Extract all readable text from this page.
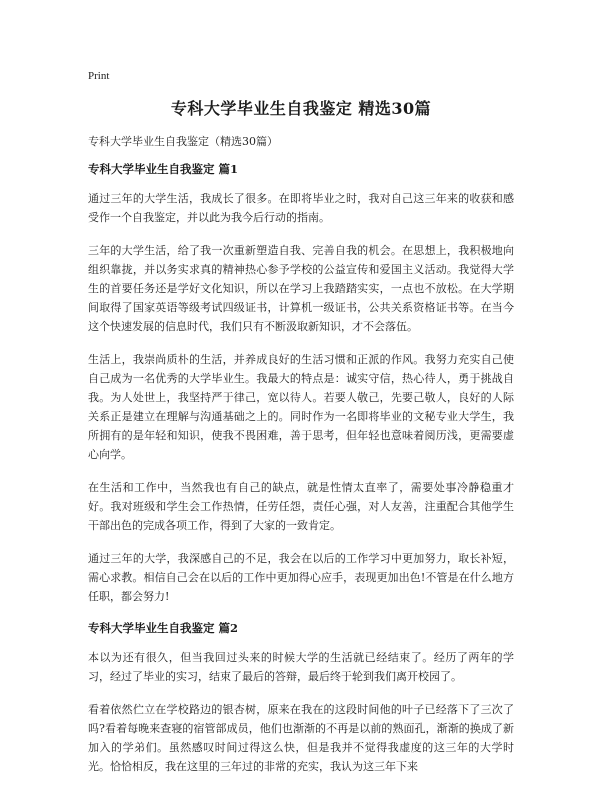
Print
专科大学毕业生自我鉴定 精选30篇
专科大学毕业生自我鉴定（精选30篇）
专科大学毕业生自我鉴定 篇1

通过三年的大学生活，我成长了很多。在即将毕业之时，我对自己这三年来的收获和感受作一个自我鉴定，并以此为我今后行动的指南。

三年的大学生活，给了我一次重新塑造自我、完善自我的机会。在思想上，我积极地向组织靠拢，并以务实求真的精神热心参予学校的公益宣传和爱国主义活动。我觉得大学生的首要任务还是学好文化知识，所以在学习上我踏踏实实，一点也不放松。在大学期间取得了国家英语等级考试四级证书，计算机一级证书，公共关系资格证书等。在当今这个快速发展的信息时代，我们只有不断汲取新知识，才不会落伍。

生活上，我崇尚质朴的生活，并养成良好的生活习惯和正派的作风。我努力充实自己使自己成为一名优秀的大学毕业生。我最大的特点是：诚实守信，热心待人，勇于挑战自我。为人处世上，我坚持严于律己，宽以待人。若要人敬己，先要己敬人，良好的人际关系正是建立在理解与沟通基础之上的。同时作为一名即将毕业的文秘专业大学生，我所拥有的是年轻和知识，使我不畏困难，善于思考，但年轻也意味着阅历浅，更需要虚心向学。

在生活和工作中，当然我也有自己的缺点，就是性情太直率了，需要处事冷静稳重才好。我对班级和学生会工作热情，任劳任怨，责任心强，对人友善，注重配合其他学生干部出色的完成各项工作，得到了大家的一致肯定。

通过三年的大学，我深感自己的不足，我会在以后的工作学习中更加努力，取长补短，需心求教。相信自己会在以后的工作中更加得心应手，表现更加出色!不管是在什么地方任职，都会努力!

专科大学毕业生自我鉴定 篇2

本以为还有很久，但当我回过头来的时候大学的生活就已经结束了。经历了两年的学习，经过了毕业的实习，结束了最后的答辩，最后终于轮到我们离开校园了。

看着依然伫立在学校路边的银杏树，原来在我在的这段时间他的叶子已经落下了三次了吗?看着每晚来查寝的宿管部成员，他们也渐渐的不再是以前的熟面孔，渐渐的换成了新加入的学弟们。虽然感叹时间过得这么快，但是我并不觉得我虚度的这三年的大学时光。恰恰相反，我在这里的三年过的非常的充实，我认为这三年下来
